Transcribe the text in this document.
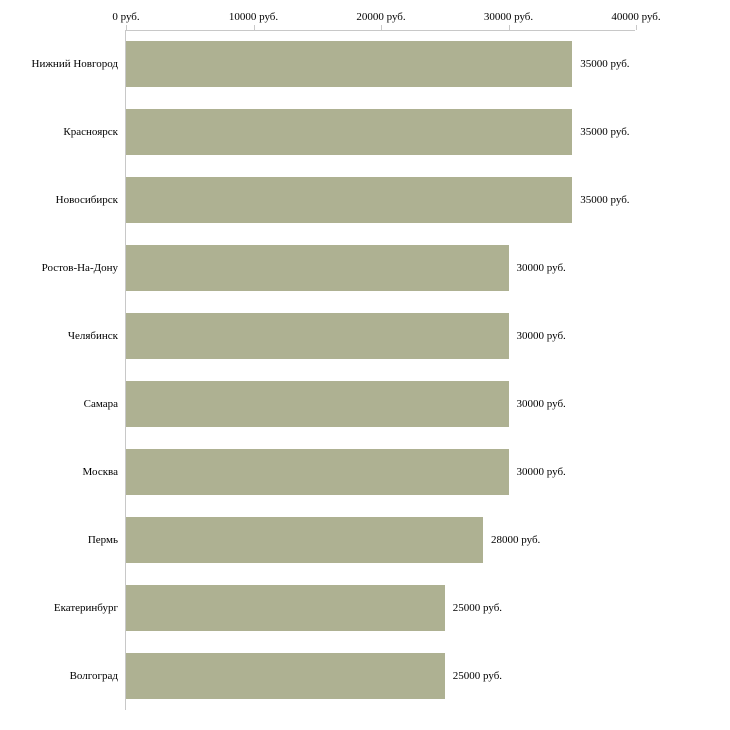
0 руб.	10000 руб.	20000 руб.	30000 руб.	40000 руб.
Нижний Новгород	35000 руб.
Красноярск	35000 руб.
Новосибирск	35000 руб.
Ростов-На-Дону	30000 руб.
Челябинск	30000 руб.
Самара	30000 руб.
Москва	30000 руб.
Пермь	28000 руб.
Екатеринбург	25000 руб.
Волгоград	25000 руб.
